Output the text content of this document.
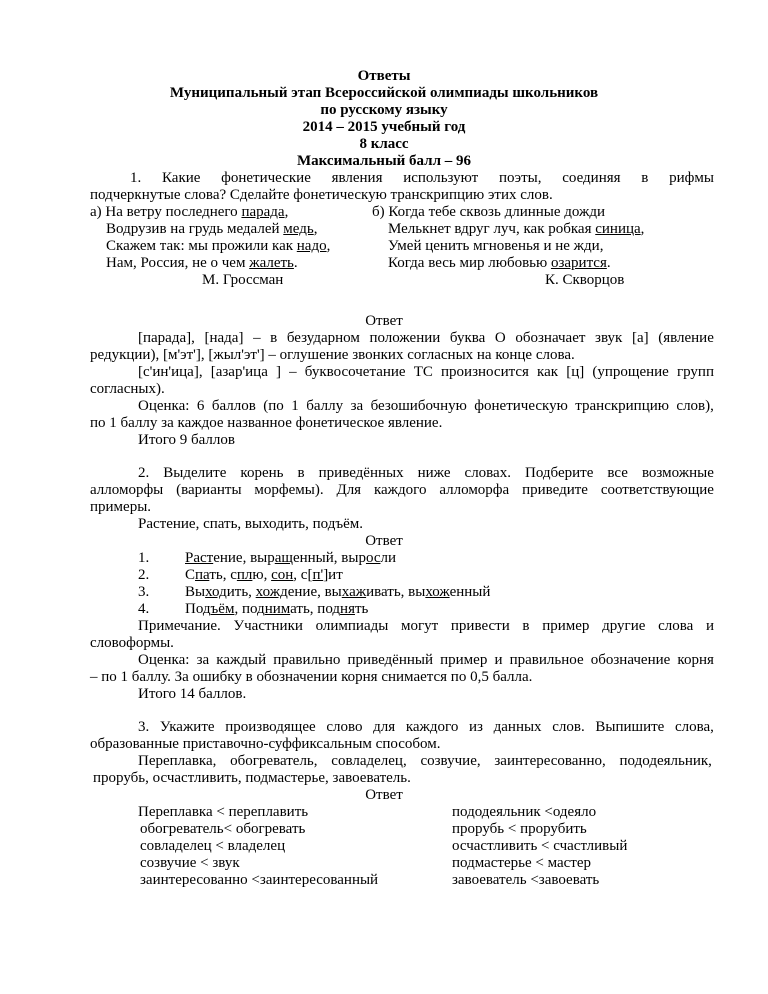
Ответы
Муниципальный этап Всероссийской олимпиады школьников
по русскому языку
2014 – 2015 учебный год
8 класс
Максимальный балл – 96
1. Какие фонетические явления используют поэты, соединяя в рифмы
подчеркнутые слова? Сделайте фонетическую транскрипцию этих слов.
а) На ветру последнего парада,
Водрузив на грудь медалей медь,
Скажем так: мы прожили как надо,
Нам, Россия, не о чем жалеть.
М. Гроссман
б) Когда тебе сквозь длинные дожди
Мелькнет вдруг луч, как робкая синица,
Умей ценить мгновенья и не жди,
Когда весь мир любовью озарится.
К. Скворцов
Ответ
[парада], [нада] – в безударном положении буква О обозначает звук [а] (явление
редукции), [м'эт'], [жыл'эт'] – оглушение звонких согласных на конце слова.
[с'ин'ица], [азар'ица ] – буквосочетание ТС произносится как [ц] (упрощение групп
согласных).
Оценка: 6 баллов (по 1 баллу за безошибочную фонетическую транскрипцию слов),
по 1 баллу за каждое названное фонетическое явление.
Итого 9 баллов
2. Выделите корень в приведённых ниже словах. Подберите все возможные
алломорфы (варианты морфемы). Для каждого алломорфа приведите соответствующие
примеры.
Растение, спать, выходить, подъём.
Ответ
1. Растение, выращенный, выросли
2. Спать, сплю, сон, с[п']ит
3. Выходить, хождение, выхаживать, выхоженный
4. Подъём, поднимать, поднять
Примечание. Участники олимпиады могут привести в пример другие слова и
словоформы.
Оценка: за каждый правильно приведённый пример и правильное обозначение корня
– по 1 баллу. За ошибку в обозначении корня снимается по 0,5 балла.
Итого 14 баллов.
3. Укажите производящее слово для каждого из данных слов. Выпишите слова,
образованные приставочно-суффиксальным способом.
Переплавка, обогреватель, совладелец, созвучие, заинтересованно, пододеяльник,
прорубь, осчастливить, подмастерье, завоеватель.
Ответ
Переплавка < переплавить
обогреватель< обогревать
совладелец < владелец
созвучие < звук
заинтересованно <заинтересованный
пододеяльник <одеяло
прорубь < прорубить
осчастливить < счастливый
подмастерье < мастер
завоеватель <завоевать
